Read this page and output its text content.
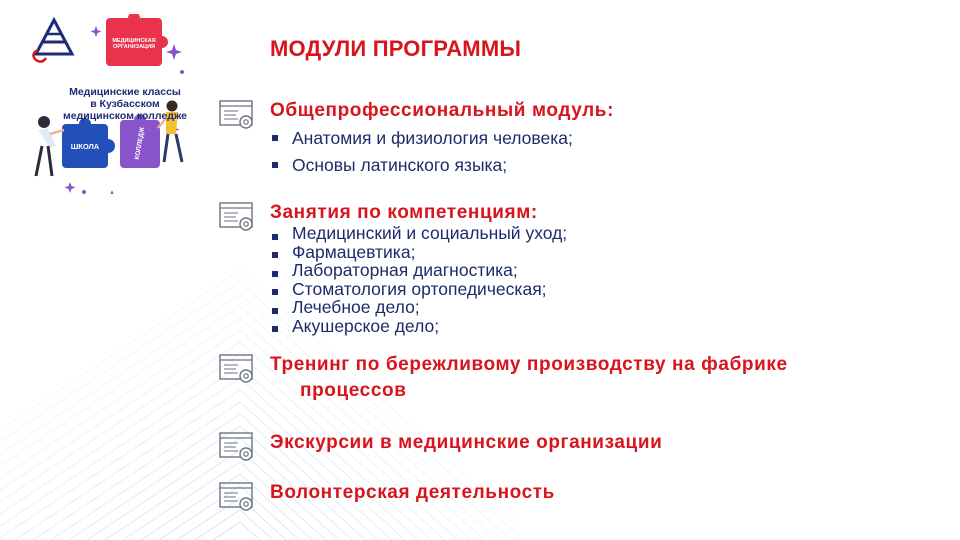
Медицинские классы
в Кузбасском
медицинском колледже
МЕДИЦИНСКАЯ ОРГАНИЗАЦИЯ
ШКОЛА	КОЛЛЕДЖ
МОДУЛИ ПРОГРАММЫ
Общепрофессиональный модуль:
Анатомия и физиология человека;
Основы латинского языка;
Занятия по компетенциям:
Медицинский и социальный уход;
Фармацевтика;
Лабораторная диагностика;
Стоматология ортопедическая;
Лечебное дело;
Акушерское дело;
Тренинг по бережливому производству на фабрике
процессов
Экскурсии в медицинские организации
Волонтерская деятельность
